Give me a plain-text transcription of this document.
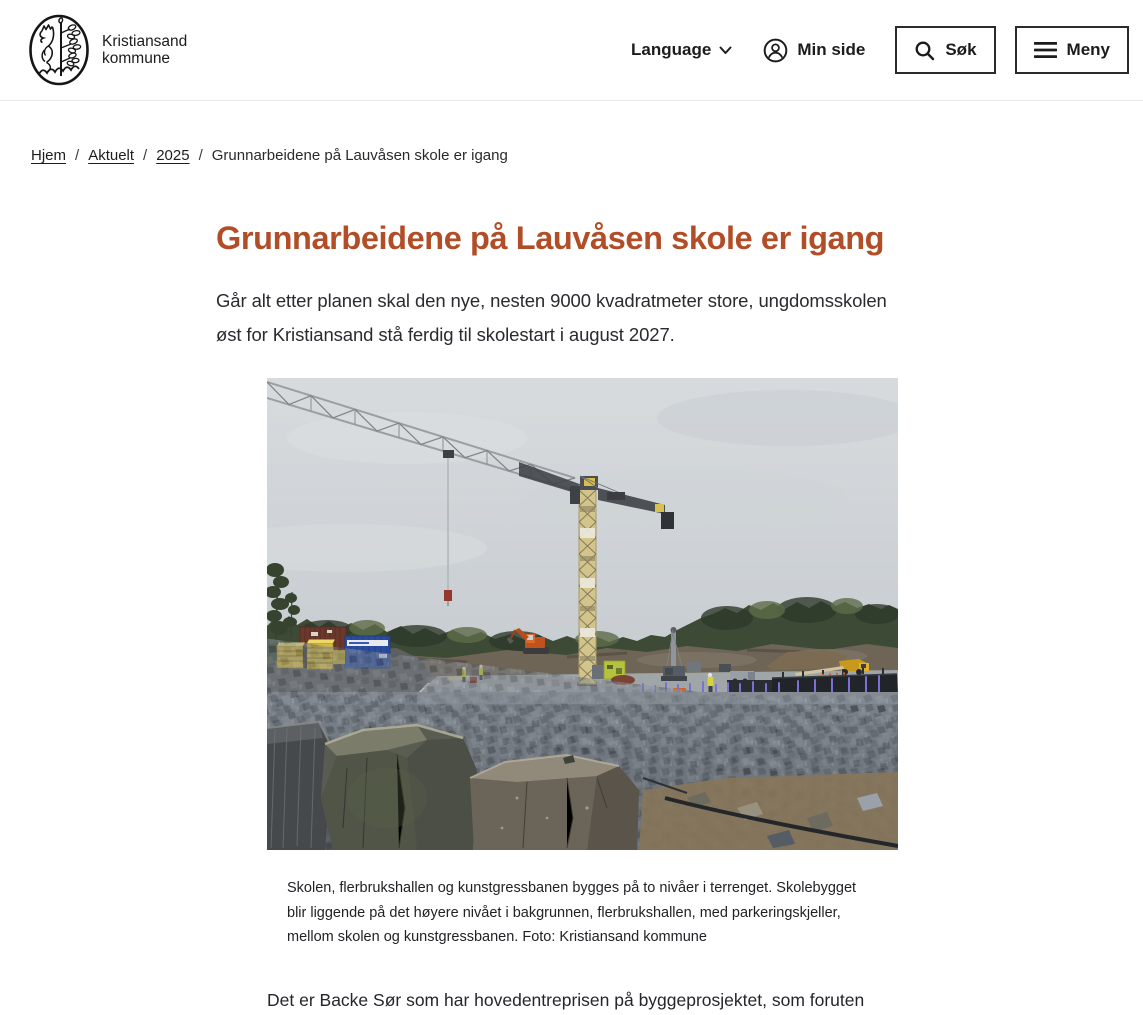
Kristiansand
kommune	Language	Min side	Søk	Meny
Hjem / Aktuelt / 2025 / Grunnarbeidene på Lauvåsen skole er igang
Grunnarbeidene på Lauvåsen skole er igang

Går alt etter planen skal den nye, nesten 9000 kvadratmeter store, ungdomsskolen øst for Kristiansand stå ferdig til skolestart i august 2027.

Skolen, flerbrukshallen og kunstgressbanen bygges på to nivåer i terrenget. Skolebygget blir liggende på det høyere nivået i bakgrunnen, flerbrukshallen, med parkeringskjeller, mellom skolen og kunstgressbanen. Foto: Kristiansand kommune

Det er Backe Sør som har hovedentreprisen på byggeprosjektet, som foruten
